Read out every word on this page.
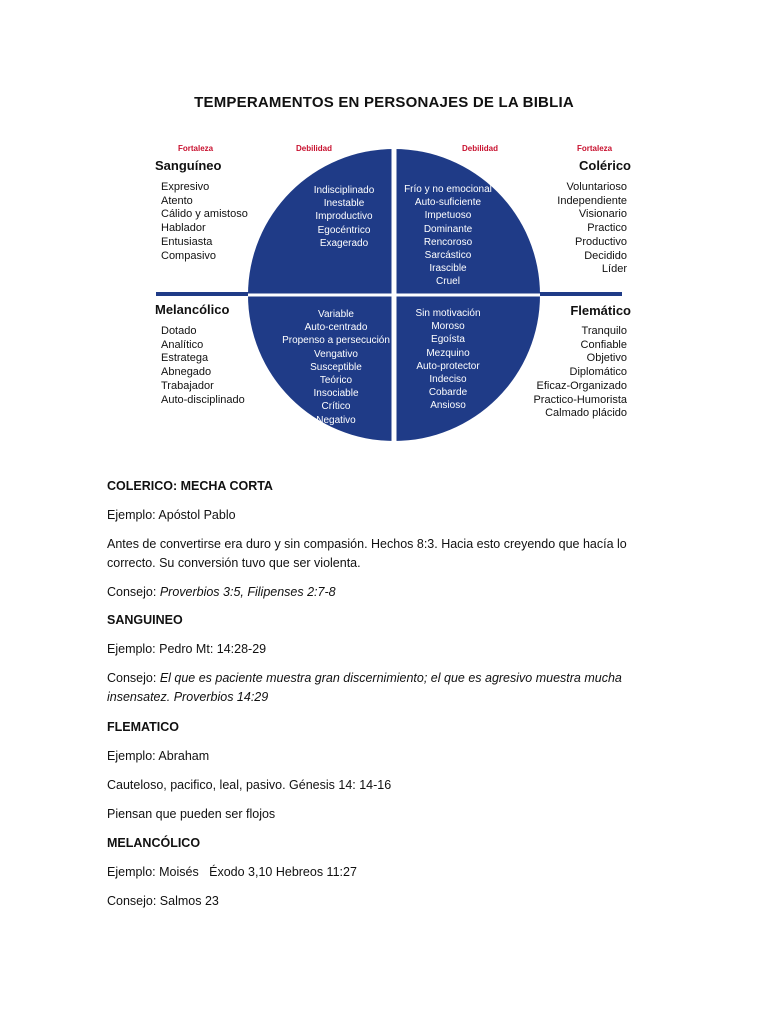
TEMPERAMENTOS EN PERSONAJES DE LA BIBLIA
Fortaleza
Sanguíneo
Expresivo
Atento
Cálido y amistoso
Hablador
Entusiasta
Compasivo
Debilidad
Indisciplinado
Inestable
Improductivo
Egocéntrico
Exagerado
Debilidad
Frío y no emocional
Auto-suficiente
Impetuoso
Dominante
Rencoroso
Sarcástico
Irascible
Cruel
Fortaleza
Colérico
Voluntarioso
Independiente
Visionario
Practico
Productivo
Decidido
Líder
Melancólico
Dotado
Analítico
Estratega
Abnegado
Trabajador
Auto-disciplinado
Variable
Auto-centrado
Propenso a persecución
Vengativo
Susceptible
Teórico
Insociable
Crítico
Negativo
Sin motivación
Moroso
Egoísta
Mezquino
Auto-protector
Indeciso
Cobarde
Ansioso
Flemático
Tranquilo
Confiable
Objetivo
Diplomático
Eficaz-Organizado
Practico-Humorista
Calmado plácido
COLERICO: MECHA CORTA
Ejemplo: Apóstol Pablo
Antes de convertirse era duro y sin compasión. Hechos 8:3. Hacia esto creyendo que hacía lo correcto. Su conversión tuvo que ser violenta.
Consejo: Proverbios 3:5, Filipenses 2:7-8
SANGUINEO
Ejemplo: Pedro Mt: 14:28-29
Consejo: El que es paciente muestra gran discernimiento; el que es agresivo muestra mucha insensatez. Proverbios 14:29
FLEMATICO
Ejemplo: Abraham
Cauteloso, pacifico, leal, pasivo. Génesis 14: 14-16
Piensan que pueden ser flojos
MELANCÓLICO
Ejemplo: Moisés   Éxodo 3,10 Hebreos 11:27
Consejo: Salmos 23
